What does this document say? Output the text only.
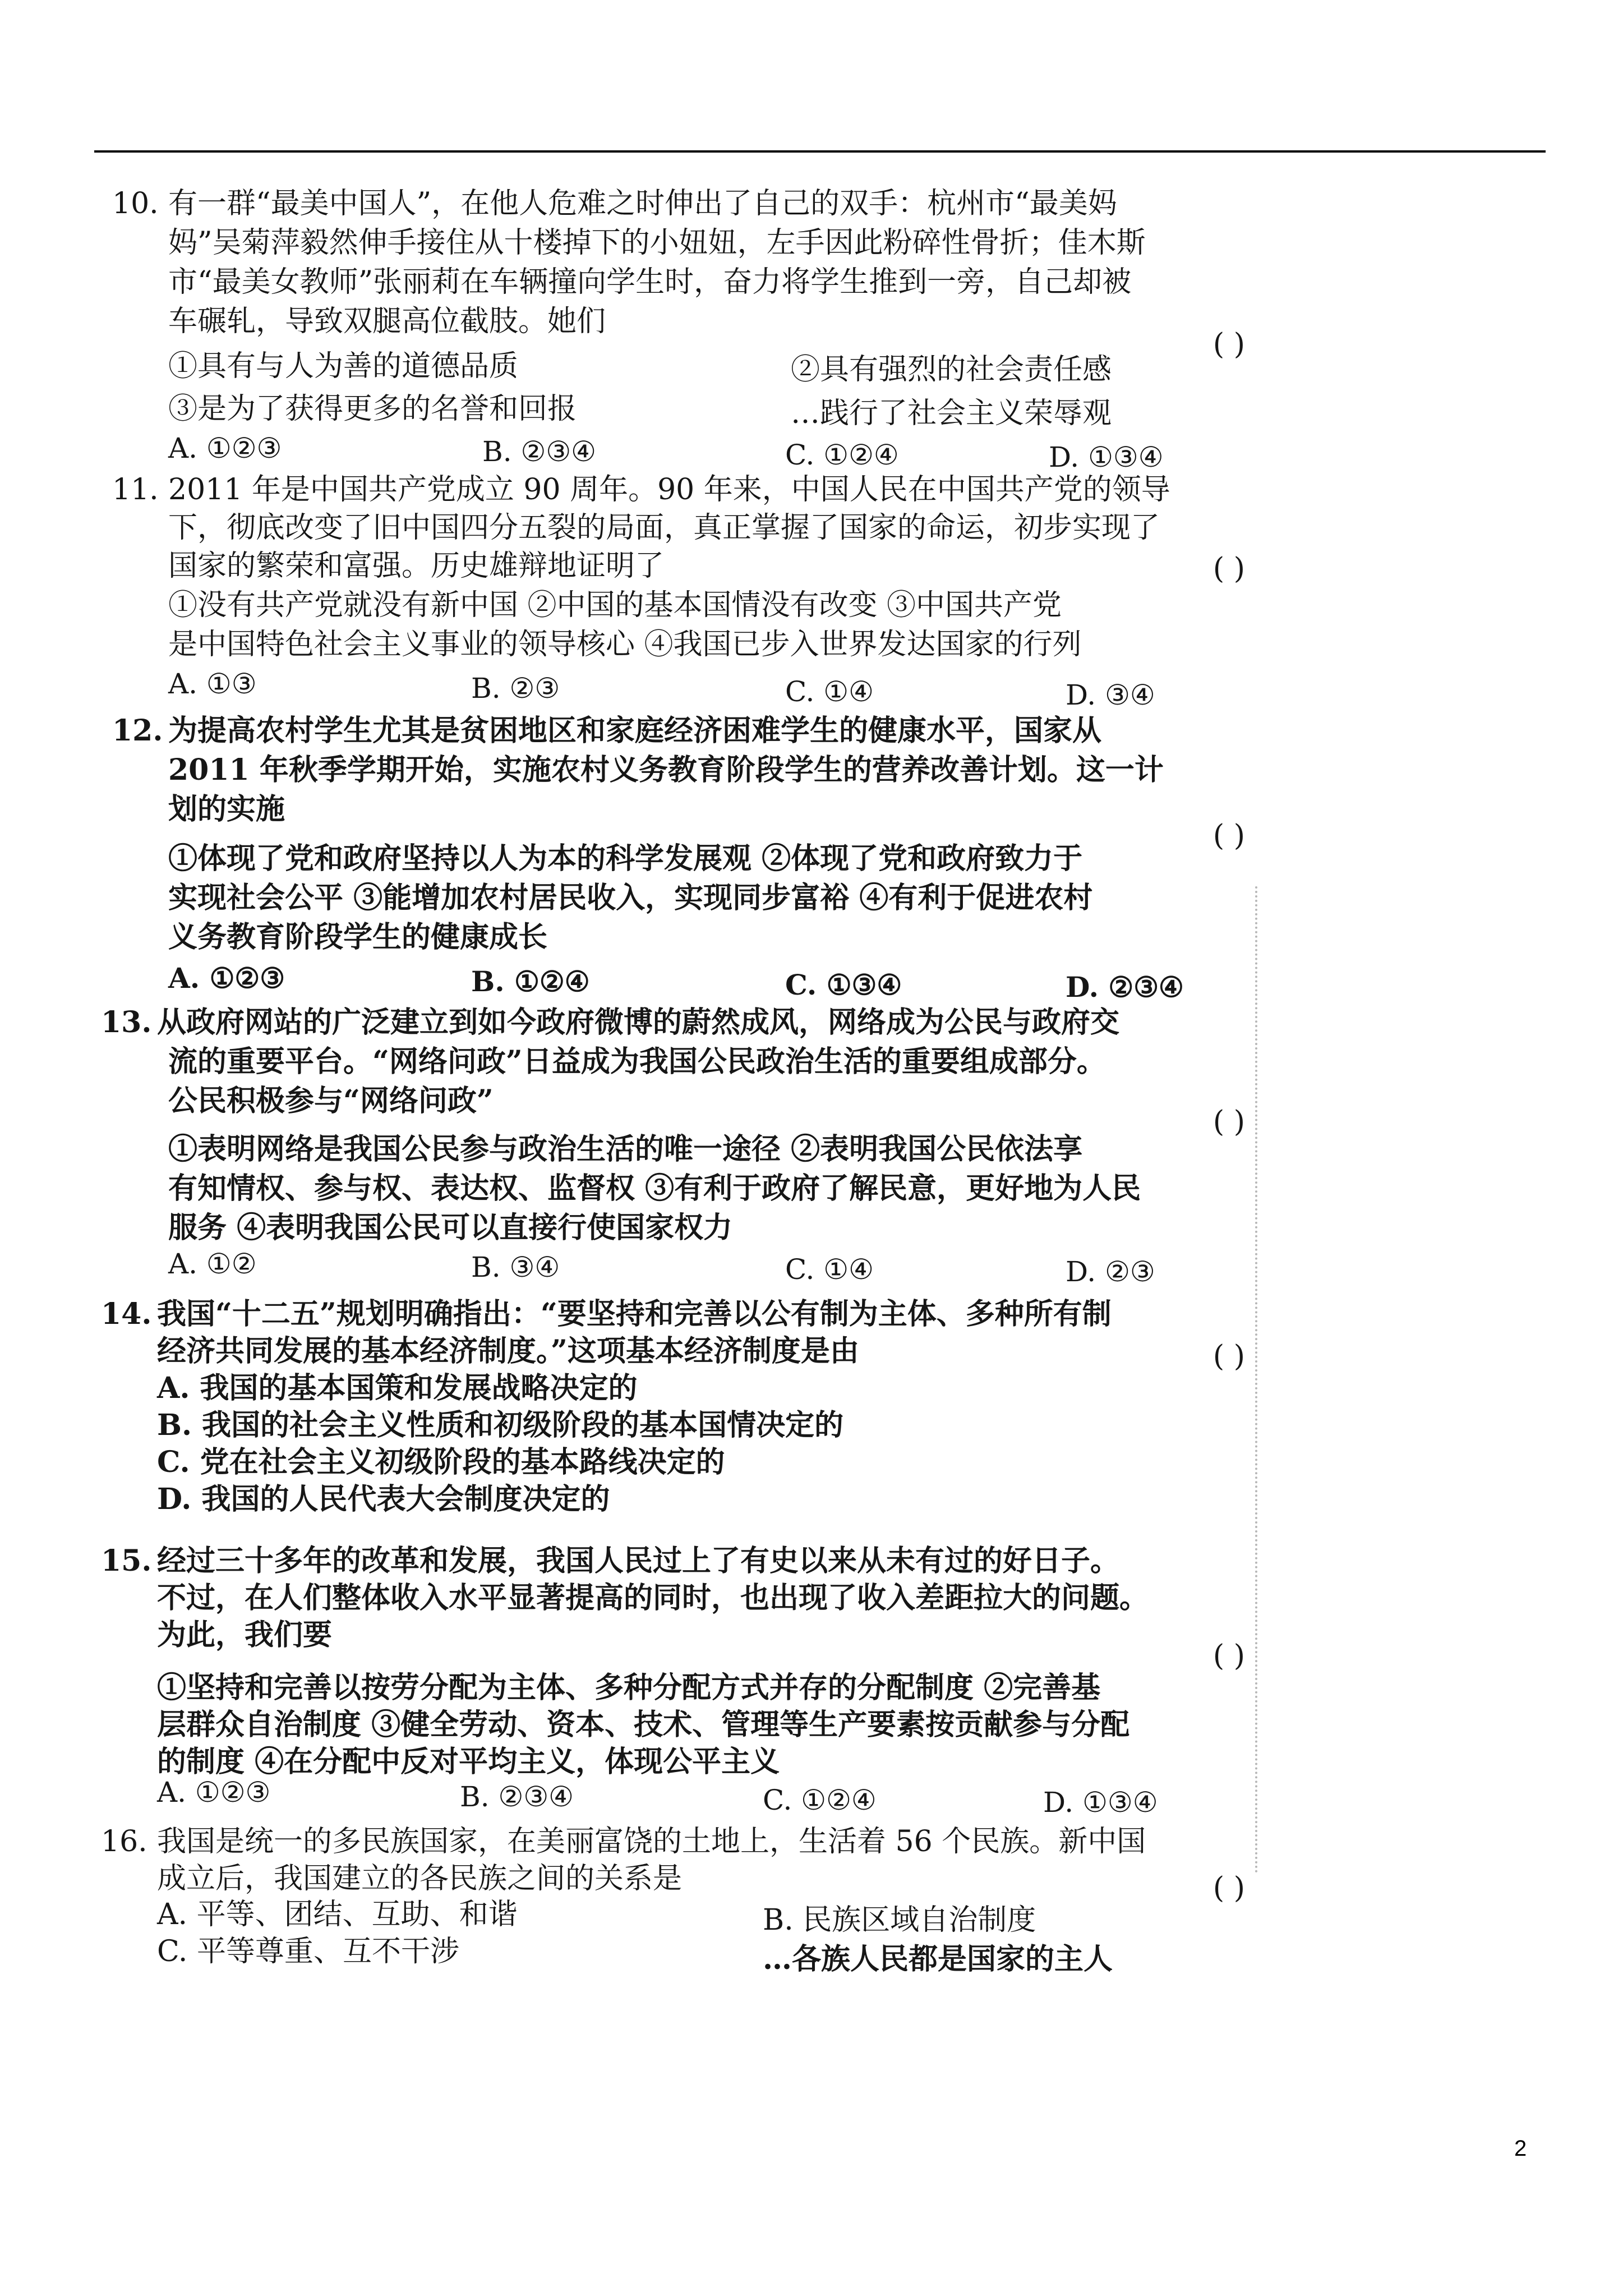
10. 有一群“最美中国人”，在他人危难之时伸出了自己的双手：杭州市“最美妈
妈”吴菊萍毅然伸手接住从十楼掉下的小妞妞，左手因此粉碎性骨折；佳木斯
市“最美女教师”张丽莉在车辆撞向学生时，奋力将学生推到一旁，自己却被
车碾轧，导致双腿高位截肢。她们
( )
①具有与人为善的道德品质	②具有强烈的社会责任感
③是为了获得更多的名誉和回报	…践行了社会主义荣辱观
A. ①②③	B. ②③④	C. ①②④	D. ①③④
11. 2011 年是中国共产党成立 90 周年。90 年来，中国人民在中国共产党的领导
下，彻底改变了旧中国四分五裂的局面，真正掌握了国家的命运，初步实现了
国家的繁荣和富强。历史雄辩地证明了	( )
①没有共产党就没有新中国 ②中国的基本国情没有改变 ③中国共产党
是中国特色社会主义事业的领导核心 ④我国已步入世界发达国家的行列
A. ①③	B. ②③	C. ①④	D. ③④
12. 为提高农村学生尤其是贫困地区和家庭经济困难学生的健康水平，国家从
2011 年秋季学期开始，实施农村义务教育阶段学生的营养改善计划。这一计
划的实施
( )
①体现了党和政府坚持以人为本的科学发展观 ②体现了党和政府致力于
实现社会公平 ③能增加农村居民收入，实现同步富裕 ④有利于促进农村
义务教育阶段学生的健康成长
A. ①②③	B. ①②④	C. ①③④	D. ②③④
13. 从政府网站的广泛建立到如今政府微博的蔚然成风，网络成为公民与政府交
流的重要平台。“网络问政”日益成为我国公民政治生活的重要组成部分。
公民积极参与“网络问政”
( )
①表明网络是我国公民参与政治生活的唯一途径 ②表明我国公民依法享
有知情权、参与权、表达权、监督权 ③有利于政府了解民意，更好地为人民
服务 ④表明我国公民可以直接行使国家权力
A. ①②	B. ③④	C. ①④	D. ②③
14. 我国“十二五”规划明确指出：“要坚持和完善以公有制为主体、多种所有制
经济共同发展的基本经济制度。”这项基本经济制度是由	( )
A. 我国的基本国策和发展战略决定的
B. 我国的社会主义性质和初级阶段的基本国情决定的
C. 党在社会主义初级阶段的基本路线决定的
D. 我国的人民代表大会制度决定的
15. 经过三十多年的改革和发展，我国人民过上了有史以来从未有过的好日子。
不过，在人们整体收入水平显著提高的同时，也出现了收入差距拉大的问题。
为此，我们要
( )
①坚持和完善以按劳分配为主体、多种分配方式并存的分配制度 ②完善基
层群众自治制度 ③健全劳动、资本、技术、管理等生产要素按贡献参与分配
的制度 ④在分配中反对平均主义，体现公平主义
A. ①②③	B. ②③④	C. ①②④	D. ①③④
16. 我国是统一的多民族国家，在美丽富饶的土地上，生活着 56 个民族。新中国
成立后，我国建立的各民族之间的关系是	( )
A. 平等、团结、互助、和谐	B. 民族区域自治制度
C. 平等尊重、互不干涉	…各族人民都是国家的主人
2
